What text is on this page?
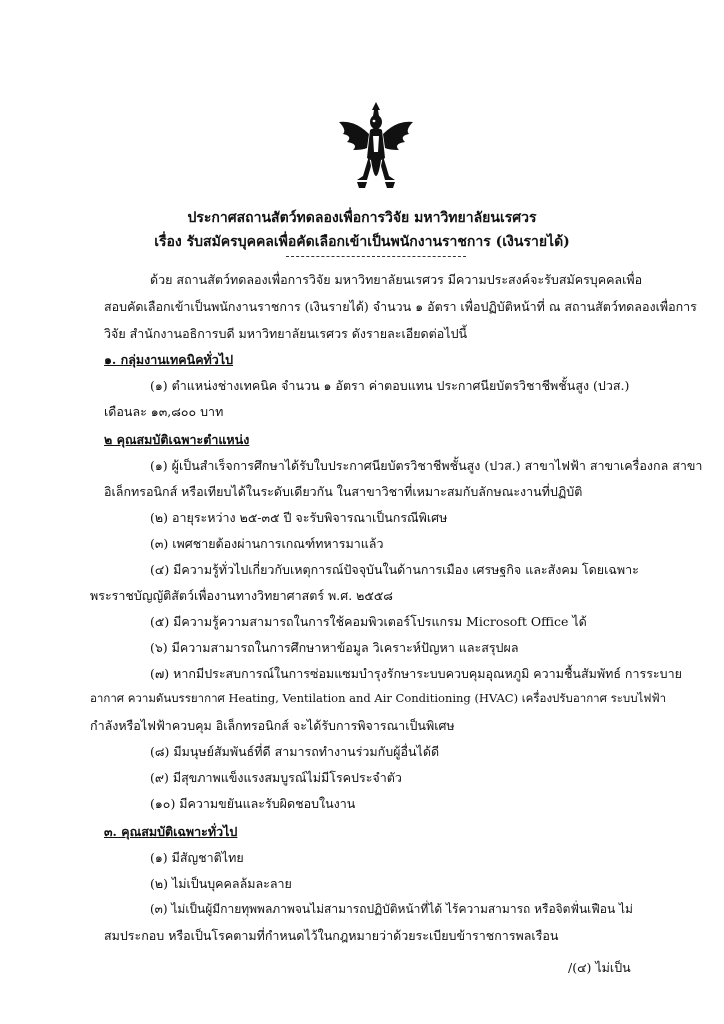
ประกาศสถานสัตว์ทดลองเพื่อการวิจัย มหาวิทยาลัยนเรศวร
เรื่อง รับสมัครบุคคลเพื่อคัดเลือกเข้าเป็นพนักงานราชการ (เงินรายได้)
ด้วย สถานสัตว์ทดลองเพื่อการวิจัย มหาวิทยาลัยนเรศวร มีความประสงค์จะรับสมัครบุคคลเพื่อ
สอบคัดเลือกเข้าเป็นพนักงานราชการ (เงินรายได้) จำนวน ๑ อัตรา เพื่อปฏิบัติหน้าที่ ณ สถานสัตว์ทดลองเพื่อการ
วิจัย สำนักงานอธิการบดี มหาวิทยาลัยนเรศวร ดังรายละเอียดต่อไปนี้
๑. กลุ่มงานเทคนิคทั่วไป
(๑) ตำแหน่งช่างเทคนิค จำนวน ๑ อัตรา ค่าตอบแทน ประกาศนียบัตรวิชาชีพชั้นสูง (ปวส.)
เดือนละ ๑๓,๘๐๐ บาท
๒ คุณสมบัติเฉพาะตำแหน่ง
(๑) ผู้เป็นสำเร็จการศึกษาได้รับใบประกาศนียบัตรวิชาชีพชั้นสูง (ปวส.) สาขาไฟฟ้า สาขาเครื่องกล สาขา
อิเล็กทรอนิกส์ หรือเทียบได้ในระดับเดียวกัน ในสาขาวิชาที่เหมาะสมกับลักษณะงานที่ปฏิบัติ
(๒) อายุระหว่าง ๒๕-๓๕ ปี จะรับพิจารณาเป็นกรณีพิเศษ
(๓) เพศชายต้องผ่านการเกณฑ์ทหารมาแล้ว
(๔) มีความรู้ทั่วไปเกี่ยวกับเหตุการณ์ปัจจุบันในด้านการเมือง เศรษฐกิจ และสังคม โดยเฉพาะ
พระราชบัญญัติสัตว์เพื่องานทางวิทยาศาสตร์ พ.ศ. ๒๕๕๘
(๕) มีความรู้ความสามารถในการใช้คอมพิวเตอร์โปรแกรม Microsoft Office ได้
(๖) มีความสามารถในการศึกษาหาข้อมูล วิเคราะห์ปัญหา และสรุปผล
(๗) หากมีประสบการณ์ในการซ่อมแซมบำรุงรักษาระบบควบคุมอุณหภูมิ ความชื้นสัมพัทธ์ การระบาย
อากาศ ความดันบรรยากาศ Heating, Ventilation and Air Conditioning (HVAC) เครื่องปรับอากาศ ระบบไฟฟ้า
กำลังหรือไฟฟ้าควบคุม อิเล็กทรอนิกส์ จะได้รับการพิจารณาเป็นพิเศษ
(๘) มีมนุษย์สัมพันธ์ที่ดี สามารถทำงานร่วมกับผู้อื่นได้ดี
(๙) มีสุขภาพแข็งแรงสมบูรณ์ไม่มีโรคประจำตัว
(๑๐) มีความขยันและรับผิดชอบในงาน
๓. คุณสมบัติเฉพาะทั่วไป
(๑) มีสัญชาติไทย
(๒) ไม่เป็นบุคคลล้มละลาย
(๓) ไม่เป็นผู้มีกายทุพพลภาพจนไม่สามารถปฏิบัติหน้าที่ได้ ไร้ความสามารถ หรือจิตฟั่นเฟือน ไม่
สมประกอบ หรือเป็นโรคตามที่กำหนดไว้ในกฎหมายว่าด้วยระเบียบข้าราชการพลเรือน
/(๔) ไม่เป็น
